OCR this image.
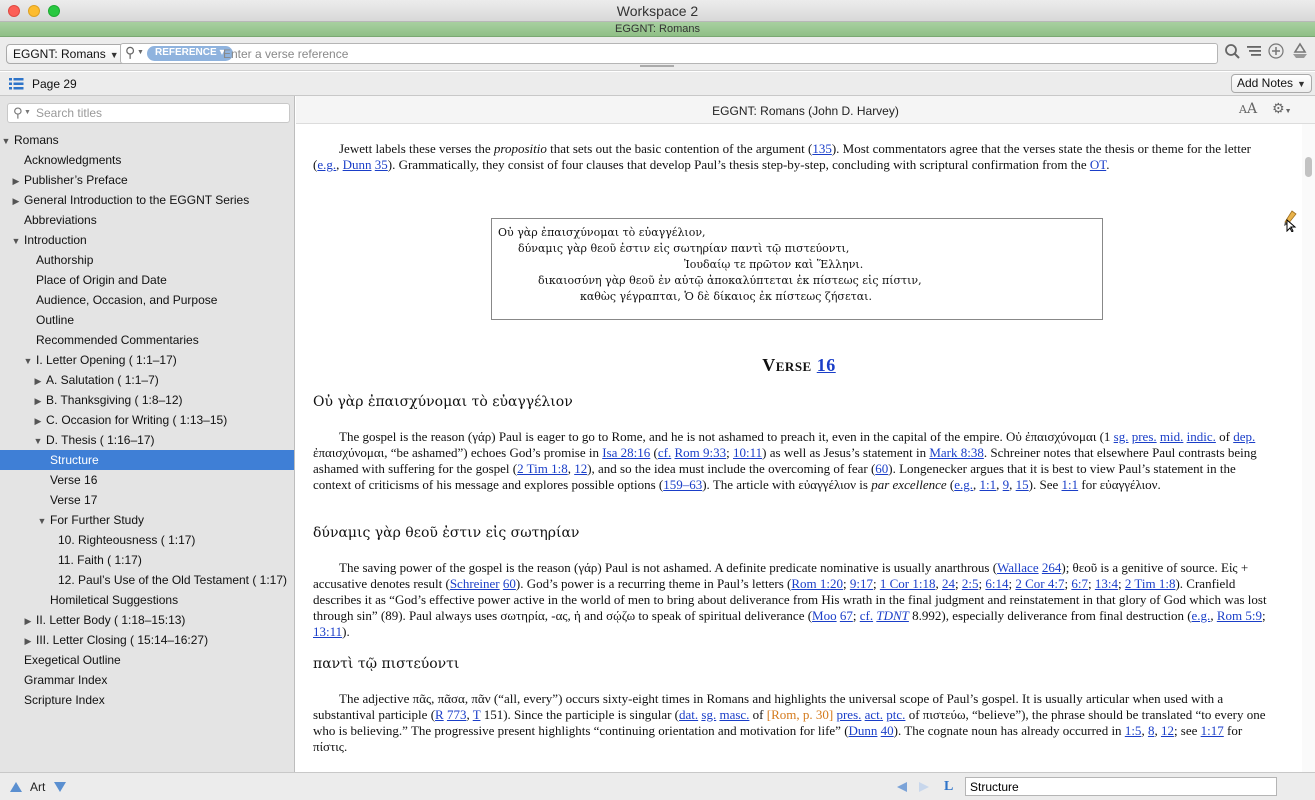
Workspace 2
EGGNT: Romans
EGGNT: Romans ▼ ⚲ ▼	REFERENCE ▾
Enter a verse reference
Page 29	Add Notes ▼
⚲ ▼
Search titles
▼ Romans
Acknowledgments
▶ Publisher’s Preface
▶ General Introduction to the EGGNT Series
Abbreviations
▼ Introduction
Authorship
Place of Origin and Date
Audience, Occasion, and Purpose
Outline
Recommended Commentaries
▼ I. Letter Opening ( 1:1–17)
▶ A. Salutation ( 1:1–7)
▶ B. Thanksgiving ( 1:8–12)
▶ C. Occasion for Writing ( 1:13–15)
▼ D. Thesis ( 1:16–17)
Structure
Verse 16
Verse 17
▼ For Further Study
10. Righteousness ( 1:17)
11. Faith ( 1:17)
12. Paul’s Use of the Old Testament ( 1:17)
Homiletical Suggestions
▶ II. Letter Body ( 1:18–15:13)
▶ III. Letter Closing ( 15:14–16:27)
Exegetical Outline
Grammar Index
Scripture Index
EGGNT: Romans (John D. Harvey)	AA ⚙▼
Jewett labels these verses the propositio that sets out the basic contention of the argument (135). Most commentators agree that the verses state the thesis or theme for the letter (e.g., Dunn 35). Grammatically, they consist of four clauses that develop Paul’s thesis step-by-step, concluding with scriptural confirmation from the OT.
Οὐ γὰρ ἐπαισχύνομαι τὸ εὐαγγέλιον,
δύναμις γὰρ θεοῦ ἐστιν εἰς σωτηρίαν παντὶ τῷ πιστεύοντι,
Ἰουδαίῳ τε πρῶτον καὶ Ἕλληνι.
δικαιοσύνη γὰρ θεοῦ ἐν αὐτῷ ἀποκαλύπτεται ἐκ πίστεως εἰς πίστιν,
καθὼς γέγραπται, Ὁ δὲ δίκαιος ἐκ πίστεως ζήσεται.
Verse 16
Οὐ γὰρ ἐπαισχύνομαι τὸ εὐαγγέλιον
The gospel is the reason (γάρ) Paul is eager to go to Rome, and he is not ashamed to preach it, even in the capital of the empire. Οὐ ἐπαισχύνομαι (1 sg. pres. mid. indic. of dep. ἐπαισχύνομαι, “be ashamed”) echoes God’s promise in Isa 28:16 (cf. Rom 9:33; 10:11) as well as Jesus’s statement in Mark 8:38. Schreiner notes that elsewhere Paul contrasts being ashamed with suffering for the gospel (2 Tim 1:8, 12), and so the idea must include the overcoming of fear (60). Longenecker argues that it is best to view Paul’s statement in the context of criticisms of his message and explores possible options (159–63). The article with εὐαγγέλιον is par excellence (e.g., 1:1, 9, 15). See 1:1 for εὐαγγέλιον.
δύναμις γὰρ θεοῦ ἐστιν εἰς σωτηρίαν
The saving power of the gospel is the reason (γάρ) Paul is not ashamed. A definite predicate nominative is usually anarthrous (Wallace 264); θεοῦ is a genitive of source. Εἰς + accusative denotes result (Schreiner 60). God’s power is a recurring theme in Paul’s letters (Rom 1:20; 9:17; 1 Cor 1:18, 24; 2:5; 6:14; 2 Cor 4:7; 6:7; 13:4; 2 Tim 1:8). Cranfield describes it as “God’s effective power active in the world of men to bring about deliverance from His wrath in the final judgment and reinstatement in that glory of God which was lost through sin” (89). Paul always uses σωτηρία, -ας, ἡ and σῴζω to speak of spiritual deliverance (Moo 67; cf. TDNT 8.992), especially deliverance from final destruction (e.g., Rom 5:9; 13:11).
παντὶ τῷ πιστεύοντι
The adjective πᾶς, πᾶσα, πᾶν (“all, every”) occurs sixty-eight times in Romans and highlights the universal scope of Paul’s gospel. It is usually articular when used with a substantival participle (R 773, T 151). Since the participle is singular (dat. sg. masc. of [Rom, p. 30] pres. act. ptc. of πιστεύω, “believe”), the phrase should be translated “to every one who is believing.” The progressive present highlights “continuing orientation and motivation for life” (Dunn 40). The cognate noun has already occurred in 1:5, 8, 12; see 1:17 for πίστις.
Art	L
Structure
